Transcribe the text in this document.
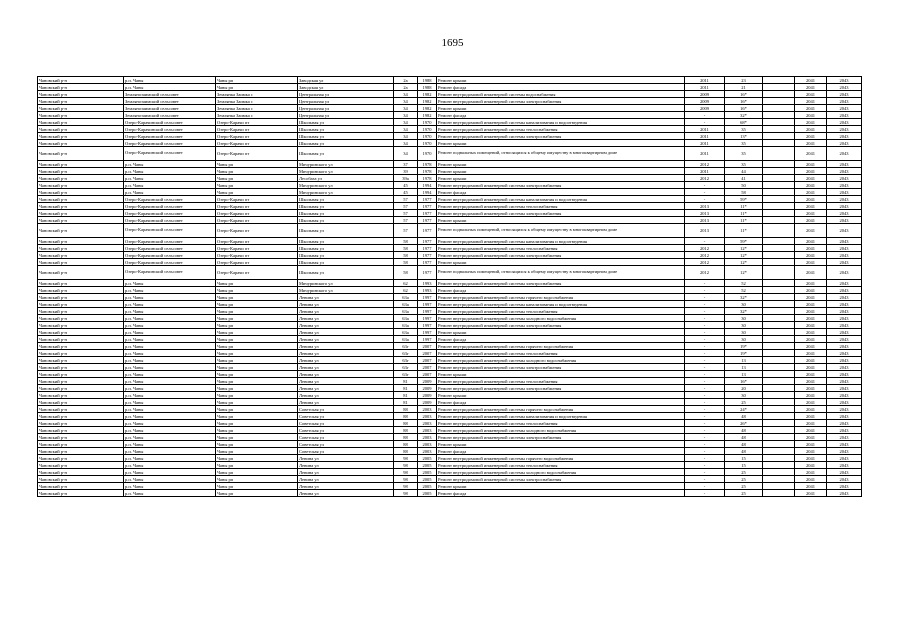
1695
Чановский р-н	р.п. Чаны	Чаны рп	Заводская ул	2а	1988	Ремонт крыши	2011	23		2041	2043
Чановский р-н	р.п. Чаны	Чаны рп	Заводская ул	2а	1988	Ремонт фасада	2011	21		2041	2043
Чановский р-н	Землянозаимский сельсовет	Землянка Заимка с	Центральная ул	34	1982	Ремонт внутридомовой инженерной системы водоснабжения	2009	16*		2041	2043
Чановский р-н	Землянозаимский сельсовет	Землянка Заимка с	Центральная ул	34	1982	Ремонт внутридомовой инженерной системы электроснабжения	2009	16*		2041	2043
Чановский р-н	Землянозаимский сельсовет	Землянка Заимка с	Центральная ул	34	1982	Ремонт крыши	2009	16*		2041	2043
Чановский р-н	Землянозаимский сельсовет	Землянка Заимка с	Центральная ул	34	1982	Ремонт фасада	-	32*		2041	2043
Чановский р-н	Озеро-Карачинский сельсовет	Озеро-Карачи пт	Школьная ул	34	1970	Ремонт внутридомовой инженерной системы канализования и водоотведения	-	68*		2041	2043
Чановский р-н	Озеро-Карачинский сельсовет	Озеро-Карачи пт	Школьная ул	34	1970	Ремонт внутридомовой инженерной системы теплоснабжения	2011	35		2041	2043
Чановский р-н	Озеро-Карачинский сельсовет	Озеро-Карачи пт	Школьная ул	34	1970	Ремонт внутридомовой инженерной системы электроснабжения	2011	13*		2041	2043
Чановский р-н	Озеро-Карачинский сельсовет	Озеро-Карачи пт	Школьная ул	34	1970	Ремонт крыши	2011	35		2041	2043
Чановский р-н	Озеро-Карачинский сельсовет	Озеро-Карачи пт	Школьная ул	34	1970	Ремонт подвальных помещений, относящихся к общему имуществу в многоквартирном доме	2011	35		2041	2043
Чановский р-н	р.п. Чаны	Чаны рп	Мичуринского ул	37	1978	Ремонт крыши	2012	35		2041	2043
Чановский р-н	р.п. Чаны	Чаны рп	Мичуринского ул	39	1978	Ремонт крыши	2011	44		2041	2043
Чановский р-н	р.п. Чаны	Чаны рп	Лесобаза ул	39а	1978	Ремонт крыши	2012	41		2041	2043
Чановский р-н	р.п. Чаны	Чаны рп	Мичуринского ул	45	1994	Ремонт внутридомовой инженерной системы электроснабжения	-	50		2041	2043
Чановский р-н	р.п. Чаны	Чаны рп	Мичуринского ул	45	1994	Ремонт фасада	-	58		2041	2043
Чановский р-н	Озеро-Карачинский сельсовет	Озеро-Карачи пт	Школьная ул	57	1977	Ремонт внутридомовой инженерной системы канализования и водоотведения	-	59*		2041	2043
Чановский р-н	Озеро-Карачинский сельсовет	Озеро-Карачи пт	Школьная ул	57	1977	Ремонт внутридомовой инженерной системы теплоснабжения	2013	11*		2041	2043
Чановский р-н	Озеро-Карачинский сельсовет	Озеро-Карачи пт	Школьная ул	57	1977	Ремонт внутридомовой инженерной системы электроснабжения	2013	11*		2041	2043
Чановский р-н	Озеро-Карачинский сельсовет	Озеро-Карачи пт	Школьная ул	57	1977	Ремонт крыши	2013	11*		2041	2043
Чановский р-н	Озеро-Карачинский сельсовет	Озеро-Карачи пт	Школьная ул	57	1977	Ремонт подвальных помещений, относящихся к общему имуществу в многоквартирном доме	2013	11*		2041	2043
Чановский р-н	Озеро-Карачинский сельсовет	Озеро-Карачи пт	Школьная ул	58	1977	Ремонт внутридомовой инженерной системы канализования и водоотведения	-	59*		2041	2043
Чановский р-н	Озеро-Карачинский сельсовет	Озеро-Карачи пт	Школьная ул	58	1977	Ремонт внутридомовой инженерной системы теплоснабжения	2012	12*		2041	2043
Чановский р-н	Озеро-Карачинский сельсовет	Озеро-Карачи пт	Школьная ул	58	1977	Ремонт внутридомовой инженерной системы электроснабжения	2012	12*		2041	2043
Чановский р-н	Озеро-Карачинский сельсовет	Озеро-Карачи пт	Школьная ул	58	1977	Ремонт крыши	2012	12*		2041	2043
Чановский р-н	Озеро-Карачинский сельсовет	Озеро-Карачи пт	Школьная ул	58	1977	Ремонт подвальных помещений, относящихся к общему имуществу в многоквартирном доме	2012	12*		2041	2043
Чановский р-н	р.п. Чаны	Чаны рп	Мичуринского ул	62	1993	Ремонт внутридомовой инженерной системы электроснабжения	-	52		2041	2043
Чановский р-н	р.п. Чаны	Чаны рп	Мичуринского ул	62	1993	Ремонт фасада	-	52		2041	2043
Чановский р-н	р.п. Чаны	Чаны рп	Ленина ул	63а	1997	Ремонт внутридомовой инженерной системы горячего водоснабжения	-	32*		2041	2043
Чановский р-н	р.п. Чаны	Чаны рп	Ленина ул	63а	1997	Ремонт внутридомовой инженерной системы канализования и водоотведения	-	30		2041	2043
Чановский р-н	р.п. Чаны	Чаны рп	Ленина ул	63а	1997	Ремонт внутридомовой инженерной системы теплоснабжения	-	32*		2041	2043
Чановский р-н	р.п. Чаны	Чаны рп	Ленина ул	63а	1997	Ремонт внутридомовой инженерной системы холодного водоснабжения	-	30		2041	2043
Чановский р-н	р.п. Чаны	Чаны рп	Ленина ул	63а	1997	Ремонт внутридомовой инженерной системы электроснабжения	-	30		2041	2043
Чановский р-н	р.п. Чаны	Чаны рп	Ленина ул	63а	1997	Ремонт крыши	-	30		2041	2043
Чановский р-н	р.п. Чаны	Чаны рп	Ленина ул	63а	1997	Ремонт фасада	-	30		2041	2043
Чановский р-н	р.п. Чаны	Чаны рп	Ленина ул	63г	2007	Ремонт внутридомовой инженерной системы горячего водоснабжения	-	19*		2041	2043
Чановский р-н	р.п. Чаны	Чаны рп	Ленина ул	63г	2007	Ремонт внутридомовой инженерной системы теплоснабжения	-	19*		2041	2043
Чановский р-н	р.п. Чаны	Чаны рп	Ленина ул	63г	2007	Ремонт внутридомовой инженерной системы холодного водоснабжения	-	13		2041	2043
Чановский р-н	р.п. Чаны	Чаны рп	Ленина ул	63г	2007	Ремонт внутридомовой инженерной системы электроснабжения	-	13		2041	2043
Чановский р-н	р.п. Чаны	Чаны рп	Ленина ул	63г	2007	Ремонт крыши	-	13		2041	2043
Чановский р-н	р.п. Чаны	Чаны рп	Ленина ул	81	2009	Ремонт внутридомовой инженерной системы теплоснабжения	-	16*		2041	2043
Чановский р-н	р.п. Чаны	Чаны рп	Ленина ул	81	2009	Ремонт внутридомовой инженерной системы электроснабжения	-	20		2041	2043
Чановский р-н	р.п. Чаны	Чаны рп	Ленина ул	81	2009	Ремонт крыши	-	30		2041	2043
Чановский р-н	р.п. Чаны	Чаны рп	Ленина ул	81	2009	Ремонт фасада	-	25		2041	2043
Чановский р-н	р.п. Чаны	Чаны рп	Советская ул	88	2003	Ремонт внутридомовой инженерной системы горячего водоснабжения	-	24*		2041	2043
Чановский р-н	р.п. Чаны	Чаны рп	Советская ул	88	2003	Ремонт внутридомовой инженерной системы канализования и водоотведения	-	48		2041	2043
Чановский р-н	р.п. Чаны	Чаны рп	Советская ул	88	2003	Ремонт внутридомовой инженерной системы теплоснабжения	-	26*		2041	2043
Чановский р-н	р.п. Чаны	Чаны рп	Советская ул	88	2003	Ремонт внутридомовой инженерной системы холодного водоснабжения	-	48		2041	2043
Чановский р-н	р.п. Чаны	Чаны рп	Советская ул	88	2003	Ремонт внутридомовой инженерной системы электроснабжения	-	48		2041	2043
Чановский р-н	р.п. Чаны	Чаны рп	Советская ул	88	2003	Ремонт крыши	-	48		2041	2043
Чановский р-н	р.п. Чаны	Чаны рп	Советская ул	88	2003	Ремонт фасада	-	48		2041	2043
Чановский р-н	р.п. Чаны	Чаны рп	Ленина ул	98	2005	Ремонт внутридомовой инженерной системы горячего водоснабжения	-	15		2041	2043
Чановский р-н	р.п. Чаны	Чаны рп	Ленина ул	98	2005	Ремонт внутридомовой инженерной системы теплоснабжения	-	15		2041	2043
Чановский р-н	р.п. Чаны	Чаны рп	Ленина ул	98	2005	Ремонт внутридомовой инженерной системы холодного водоснабжения	-	25		2041	2043
Чановский р-н	р.п. Чаны	Чаны рп	Ленина ул	98	2005	Ремонт внутридомовой инженерной системы электроснабжения	-	25		2041	2043
Чановский р-н	р.п. Чаны	Чаны рп	Ленина ул	98	2005	Ремонт крыши	-	25		2041	2043
Чановский р-н	р.п. Чаны	Чаны рп	Ленина ул	98	2005	Ремонт фасада	-	25		2041	2043
